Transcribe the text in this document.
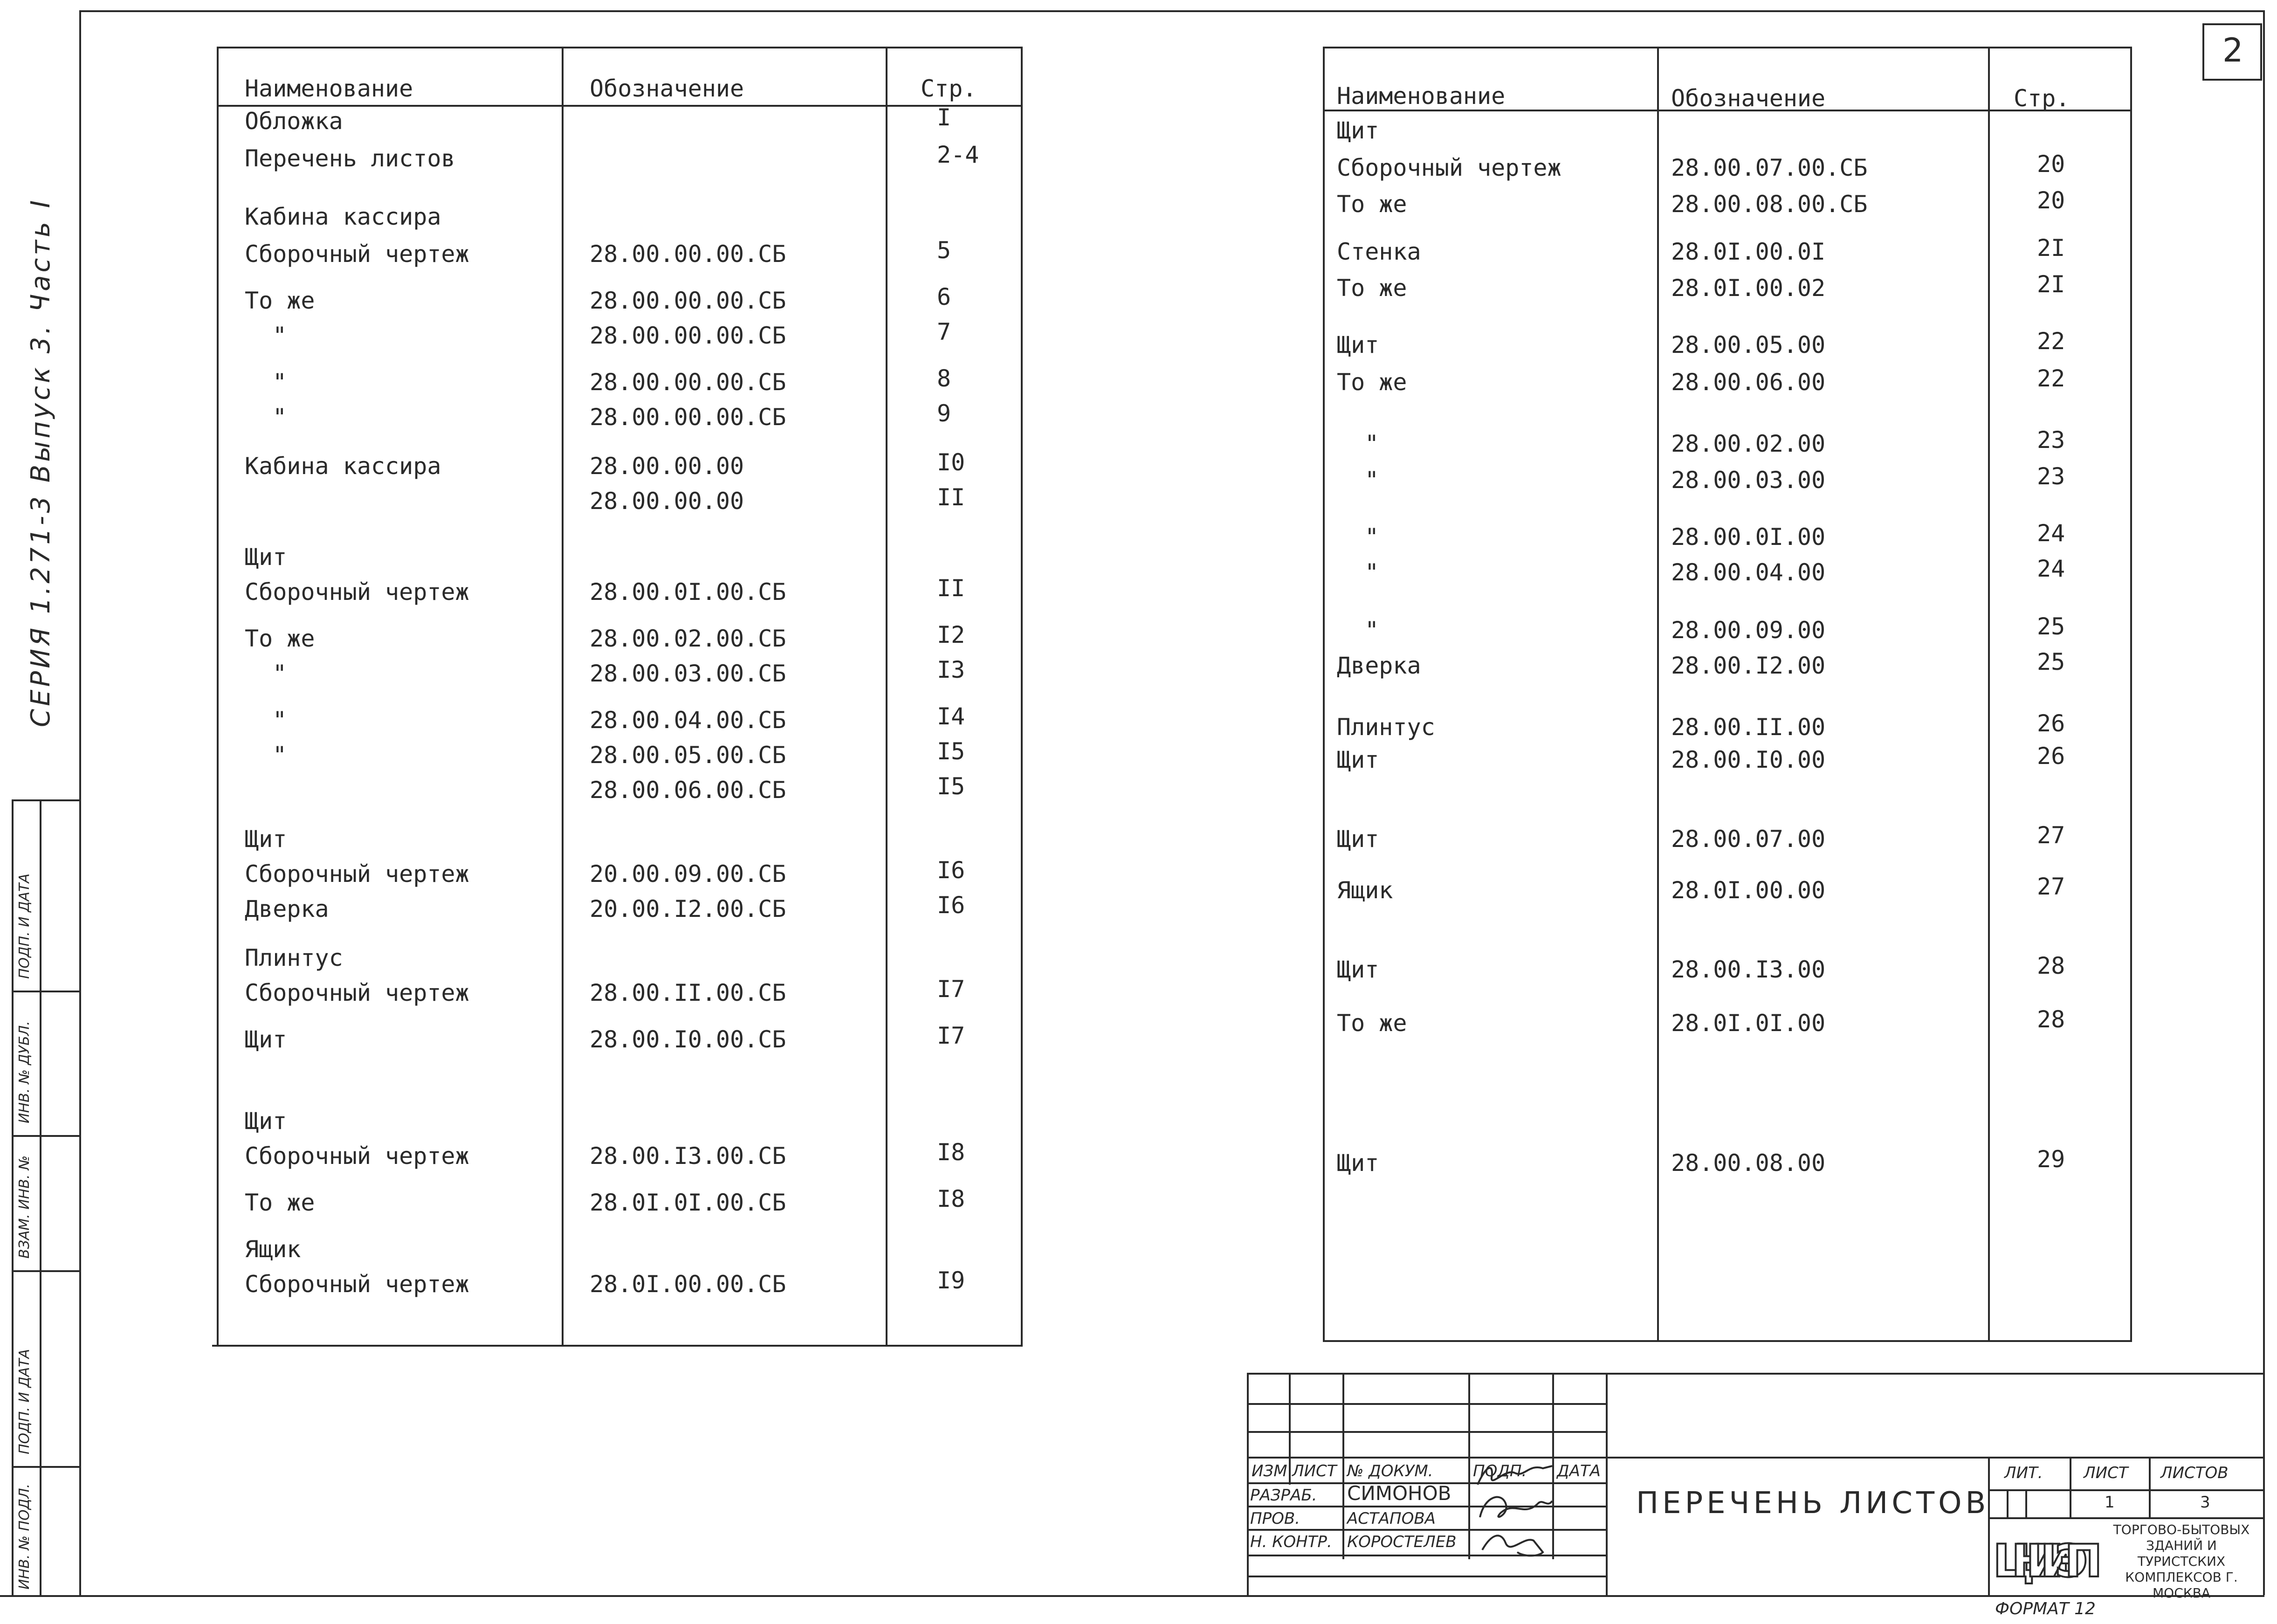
2
СЕРИЯ 1.271-3 Выпуск 3. Часть I
ИНВ. № ПОДЛ.
ПОДП. И ДАТА
ВЗАМ. ИНВ. №
ИНВ. № ДУБЛ.
ПОДП. И ДАТА
Наименование	Обозначение	Стр.
Обложка	I
Перечень листов	2-4
Кабина кассира
Сборочный чертеж	28.00.00.00.СБ	5
То же	28.00.00.00.СБ	6
"	28.00.00.00.СБ	7
"	28.00.00.00.СБ	8
"	28.00.00.00.СБ	9
Кабина кассира	28.00.00.00	I0
28.00.00.00	II
Щит
Сборочный чертеж	28.00.0I.00.СБ	II
То же	28.00.02.00.СБ	I2
"	28.00.03.00.СБ	I3
"	28.00.04.00.СБ	I4
"	28.00.05.00.СБ	I5
28.00.06.00.СБ	I5
Щит
Сборочный чертеж	20.00.09.00.СБ	I6
Дверка	20.00.I2.00.СБ	I6
Плинтус
Сборочный чертеж	28.00.II.00.СБ	I7
Щит	28.00.I0.00.СБ	I7
Щит
Сборочный чертеж	28.00.I3.00.СБ	I8
То же	28.0I.0I.00.СБ	I8
Ящик
Сборочный чертеж	28.0I.00.00.СБ	I9
Наименование	Обозначение	Стр.
Щит
Сборочный чертеж	28.00.07.00.СБ	20
То же	28.00.08.00.СБ	20
Стенка	28.0I.00.0I	2I
То же	28.0I.00.02	2I
Щит	28.00.05.00	22
То же	28.00.06.00	22
"	28.00.02.00	23
"	28.00.03.00	23
"	28.00.0I.00	24
"	28.00.04.00	24
"	28.00.09.00	25
Дверка	28.00.I2.00	25
Плинтус	28.00.II.00	26
Щит	28.00.I0.00	26
Щит	28.00.07.00	27
Ящик	28.0I.00.00	27
Щит	28.00.I3.00	28
То же	28.0I.0I.00	28
Щит	28.00.08.00	29
ИЗМ ЛИСТ № ДОКУМ.	ПОДП. ДАТА
РАЗРАБ. СИМОНОВ
ПРОВ.	АСТАПОВА
Н. КОНТР. КОРОСТЕЛЕВ
ПЕРЕЧЕНЬ ЛИСТОВ
ЛИТ.	ЛИСТ ЛИСТОВ
1	3
ЦНИИЭП
ТОРГОВО-БЫТОВЫХ ЗДАНИЙ И ТУРИСТСКИХ КОМПЛЕКСОВ Г. МОСКВА
ФОРМАТ 12
